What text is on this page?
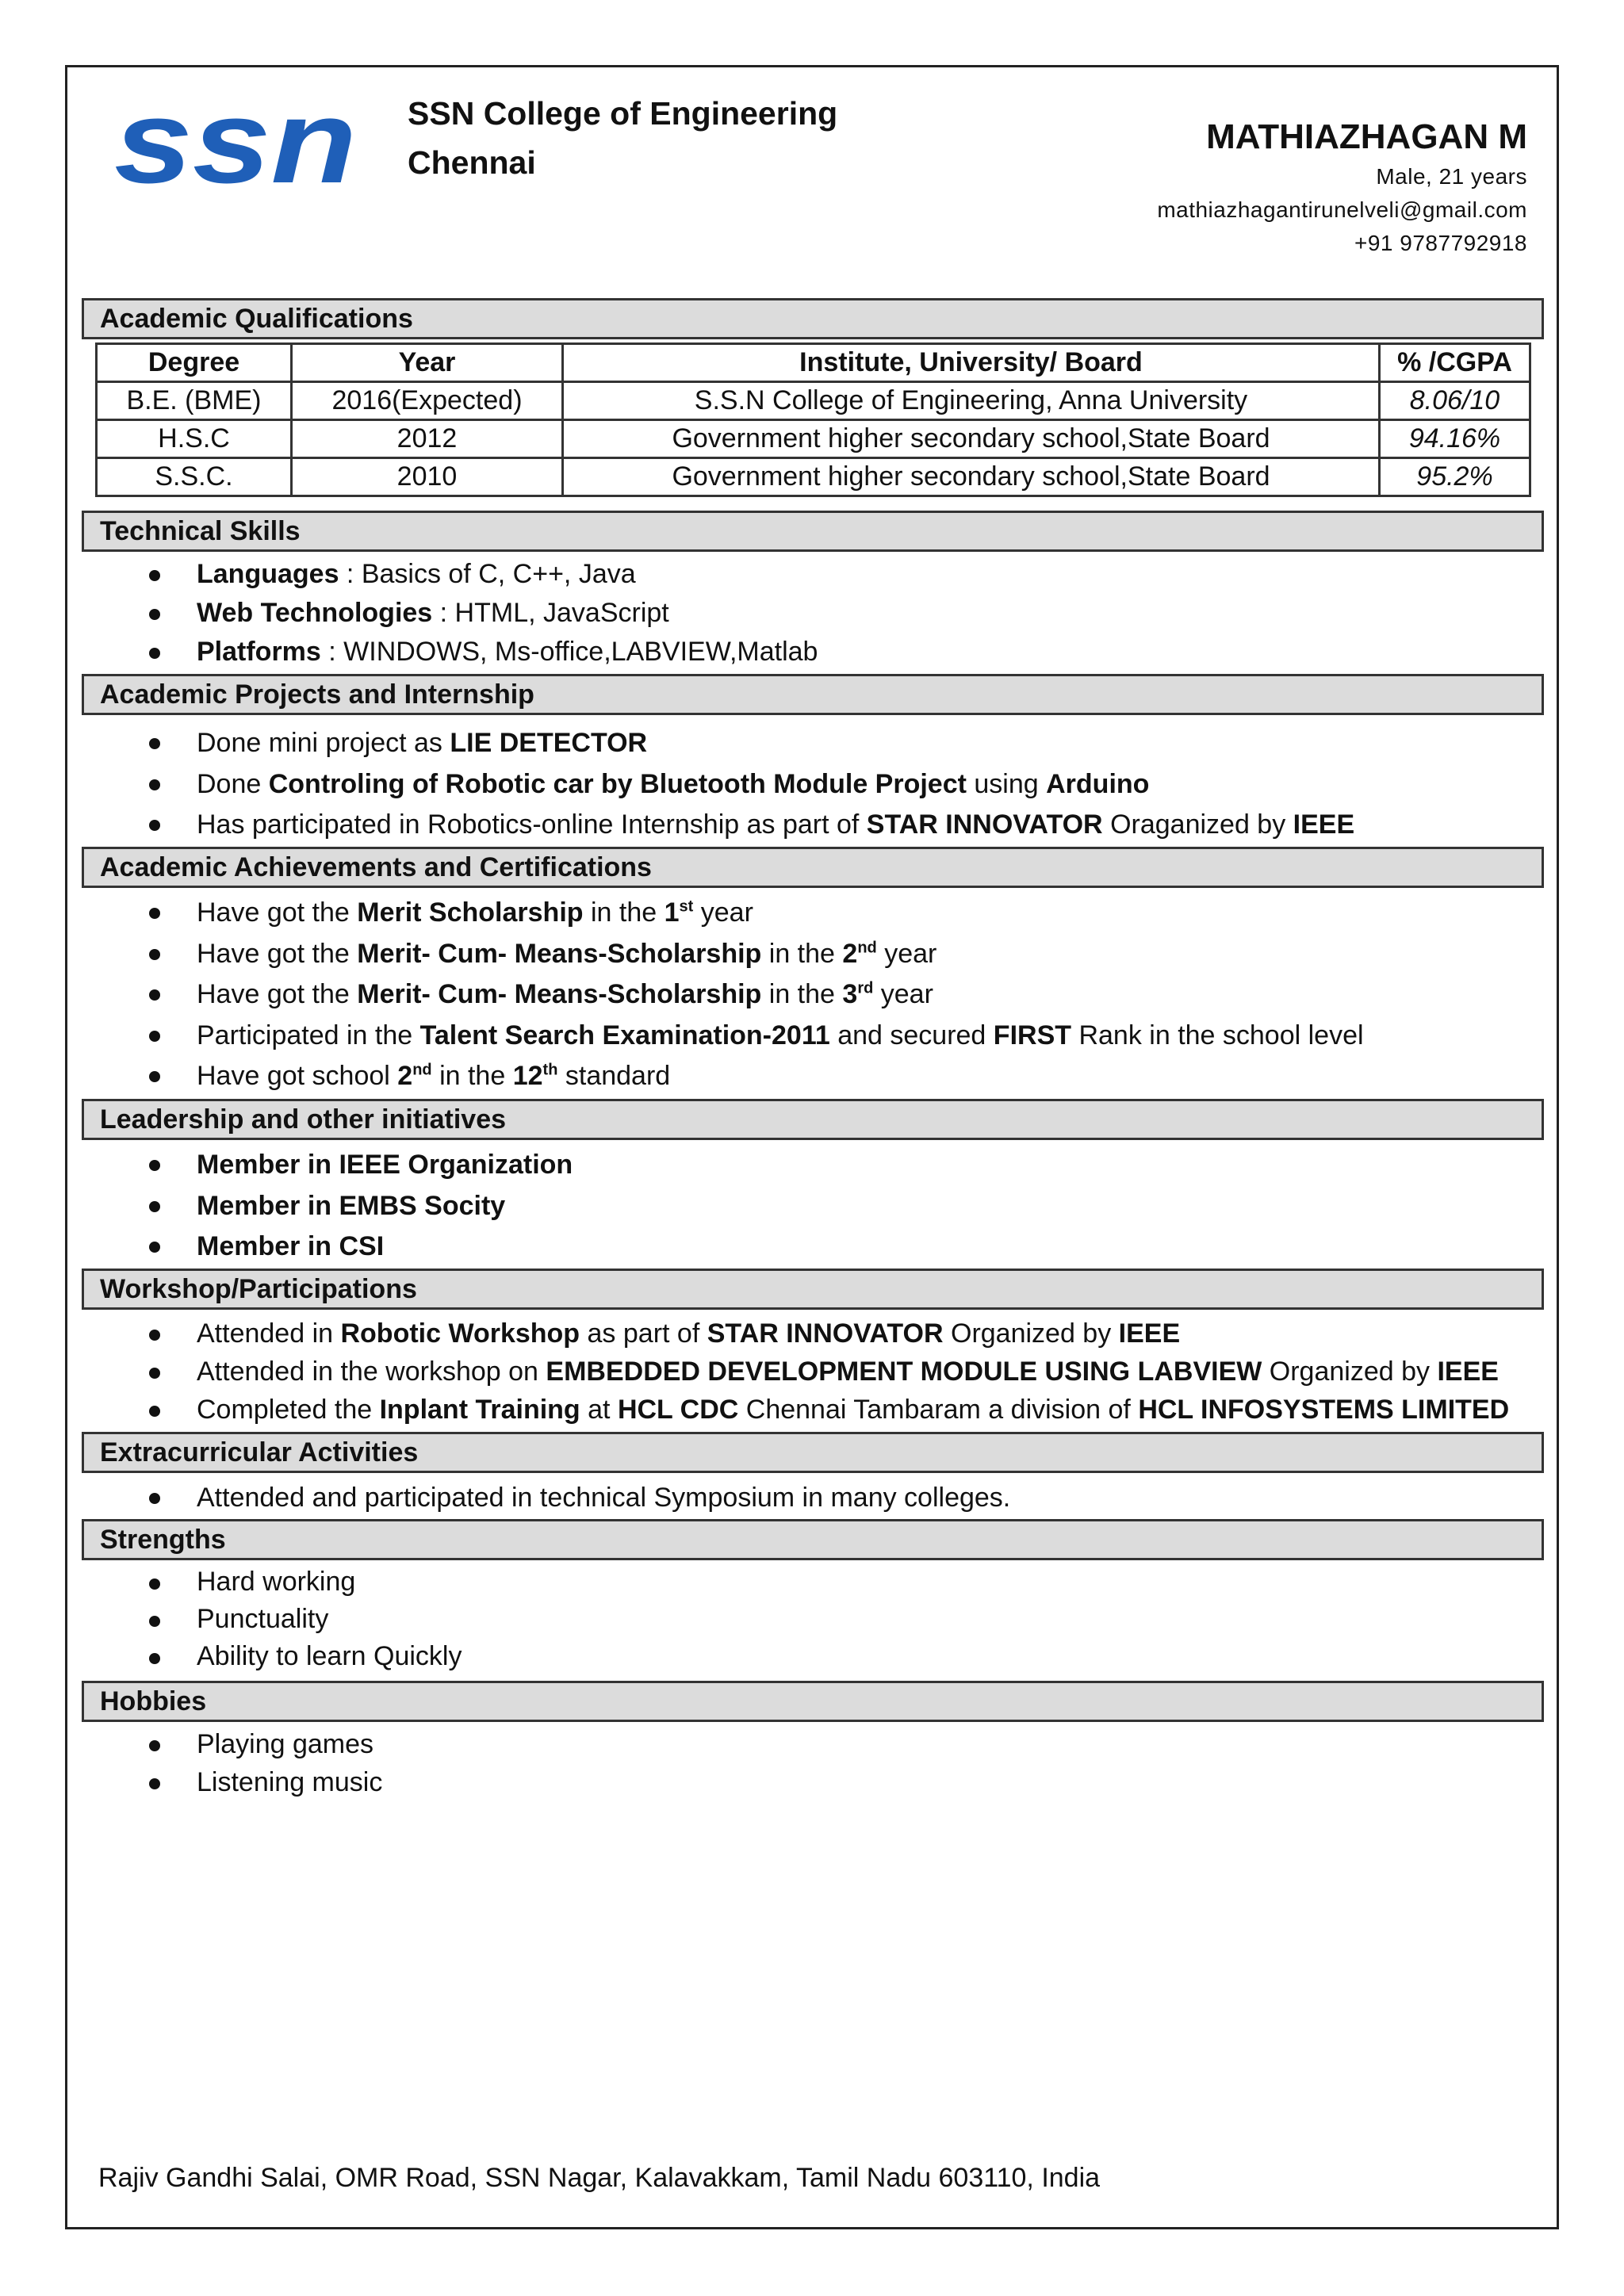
ssn SSN College of Engineering
Chennai
MATHIAZHAGAN M
Male, 21 years
mathiazhagantirunelveli@gmail.com
+91 9787792918
Academic Qualifications
Degree	Year	Institute, University/ Board	% /CGPA
B.E. (BME)	2016(Expected)	S.S.N College of Engineering, Anna University	8.06/10
H.S.C	2012	Government higher secondary school,State Board	94.16%
S.S.C.	2010	Government higher secondary school,State Board	95.2%
Technical Skills
Languages : Basics of C, C++, Java
Web Technologies : HTML, JavaScript
Platforms : WINDOWS, Ms-office,LABVIEW,Matlab
Academic Projects and Internship
Done mini project as LIE DETECTOR
Done Controling of Robotic car by Bluetooth Module Project using Arduino
Has participated in Robotics-online Internship as part of STAR INNOVATOR Oraganized by IEEE
Academic Achievements and Certifications
Have got the Merit Scholarship in the 1st year
Have got the Merit- Cum- Means-Scholarship in the 2nd year
Have got the Merit- Cum- Means-Scholarship in the 3rd year
Participated in the Talent Search Examination-2011 and secured FIRST Rank in the school level
Have got school 2nd in the 12th standard
Leadership and other initiatives
Member in IEEE Organization
Member in EMBS Socity
Member in CSI
Workshop/Participations
Attended in Robotic Workshop as part of STAR INNOVATOR Organized by IEEE
Attended in the workshop on EMBEDDED DEVELOPMENT MODULE USING LABVIEW Organized by IEEE
Completed the Inplant Training at HCL CDC Chennai Tambaram a division of HCL INFOSYSTEMS LIMITED
Extracurricular Activities
Attended and participated in technical Symposium in many colleges.
Strengths
Hard working
Punctuality
Ability to learn Quickly
Hobbies
Playing games
Listening music
Rajiv Gandhi Salai, OMR Road, SSN Nagar, Kalavakkam, Tamil Nadu 603110, India
